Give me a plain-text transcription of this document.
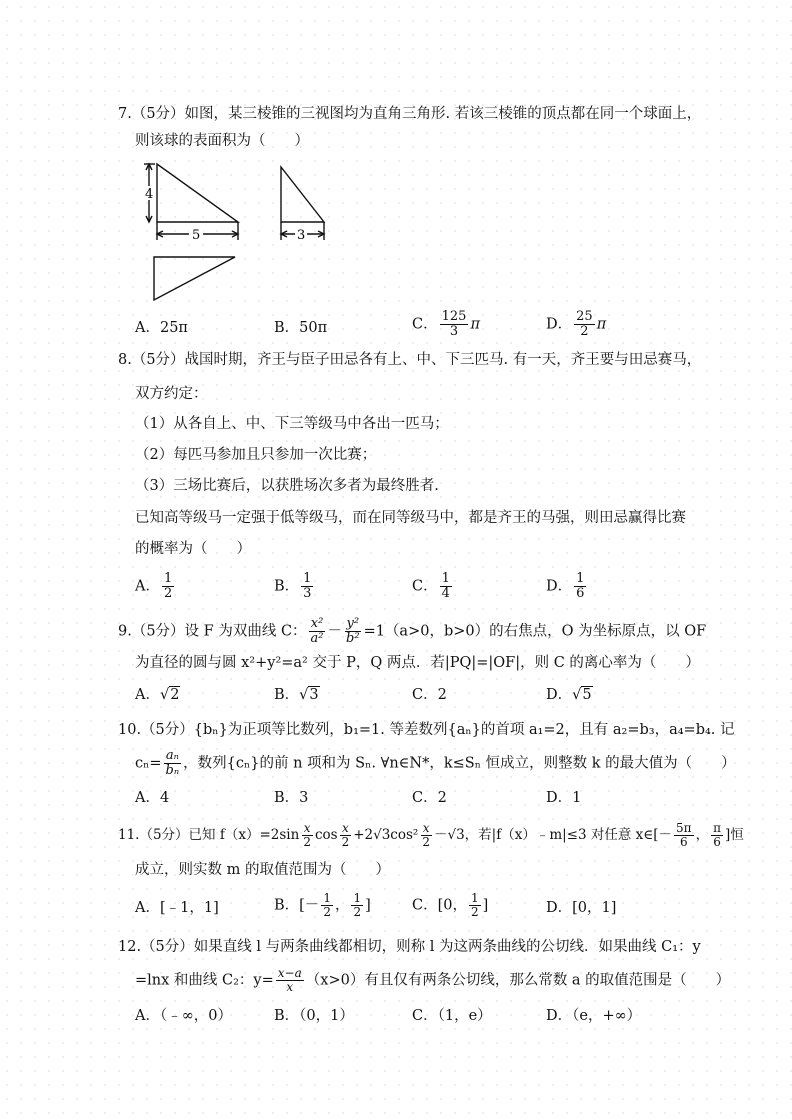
7.（5分）如图，某三棱锥的三视图均为直角三角形. 若该三棱锥的顶点都在同一个球面上，
则该球的表面积为（　　）
4
5	3
A．25π	B．50π	C． $\frac{125}{3}$ π	D． $\frac{25}{2}$ π
8.（5分）战国时期，齐王与臣子田忌各有上、中、下三匹马. 有一天，齐王要与田忌赛马，
双方约定：
（1）从各自上、中、下三等级马中各出一匹马；
（2）每匹马参加且只参加一次比赛；
（3）三场比赛后，以获胜场次多者为最终胜者.
已知高等级马一定强于低等级马，而在同等级马中，都是齐王的马强，则田忌赢得比赛
的概率为（　　）
A． $\frac{1}{2}$	B． $\frac{1}{3}$	C． $\frac{1}{4}$	D． $\frac{1}{6}$
9.（5分）设 F 为双曲线 C： $\frac{\text{x²}}{\text{a²}} - \frac{\text{y²}}{\text{b²}} =1(a>0$，b>0）的右焦点，O 为坐标原点，以 OF
为直径的圆与圆 x²+y²=a² 交于 P，Q 两点．若|PQ|=|OF|，则 C 的离心率为（　　）
A．√2	B．√3	C．2	D．√5
10.（5分）{bₙ}为正项等比数列，b₁=1. 等差数列{aₙ}的首项 a₁=2，且有 a₂=b₃，a₄=b₄. 记
$c_n= \frac{\text{aₙ}}{\text{bₙ}}$ ，数列{cₙ}的前 n 项和为 Sₙ. ∀n∈N*，k≤Sₙ 恒成立，则整数 k 的最大值为（　　）
A．4	B．3	C．2	D．1
11.（5分）已知 $f(x)=2\sin \frac{x}{2}$ $\cos \frac{x}{2} +2√3\cos^2 \frac{x}{2} -√3$，若|f（x）﹣m|≤3 对任意 x∈[－ $\frac{5\pi}{6}$ ， $\frac{\pi}{6}$ ]恒
成立，则实数 m 的取值范围为（　　）
A．[﹣1，1]	B．[－ $\frac{1}{2}$ ， $\frac{1}{2}$ ]	C．[0， $\frac{1}{2}$ ]	D．[0，1]
12.（5分）如果直线 l 与两条曲线都相切，则称 l 为这两条曲线的公切线．如果曲线 C₁：y
=lnx 和曲线 C₂：$y= \frac{x-a}{x} (x>0)$有且仅有两条公切线，那么常数 a 的取值范围是（　　）
A．（﹣∞，0）	B．（0，1）	C．（1，e）	D．（e，+∞）
